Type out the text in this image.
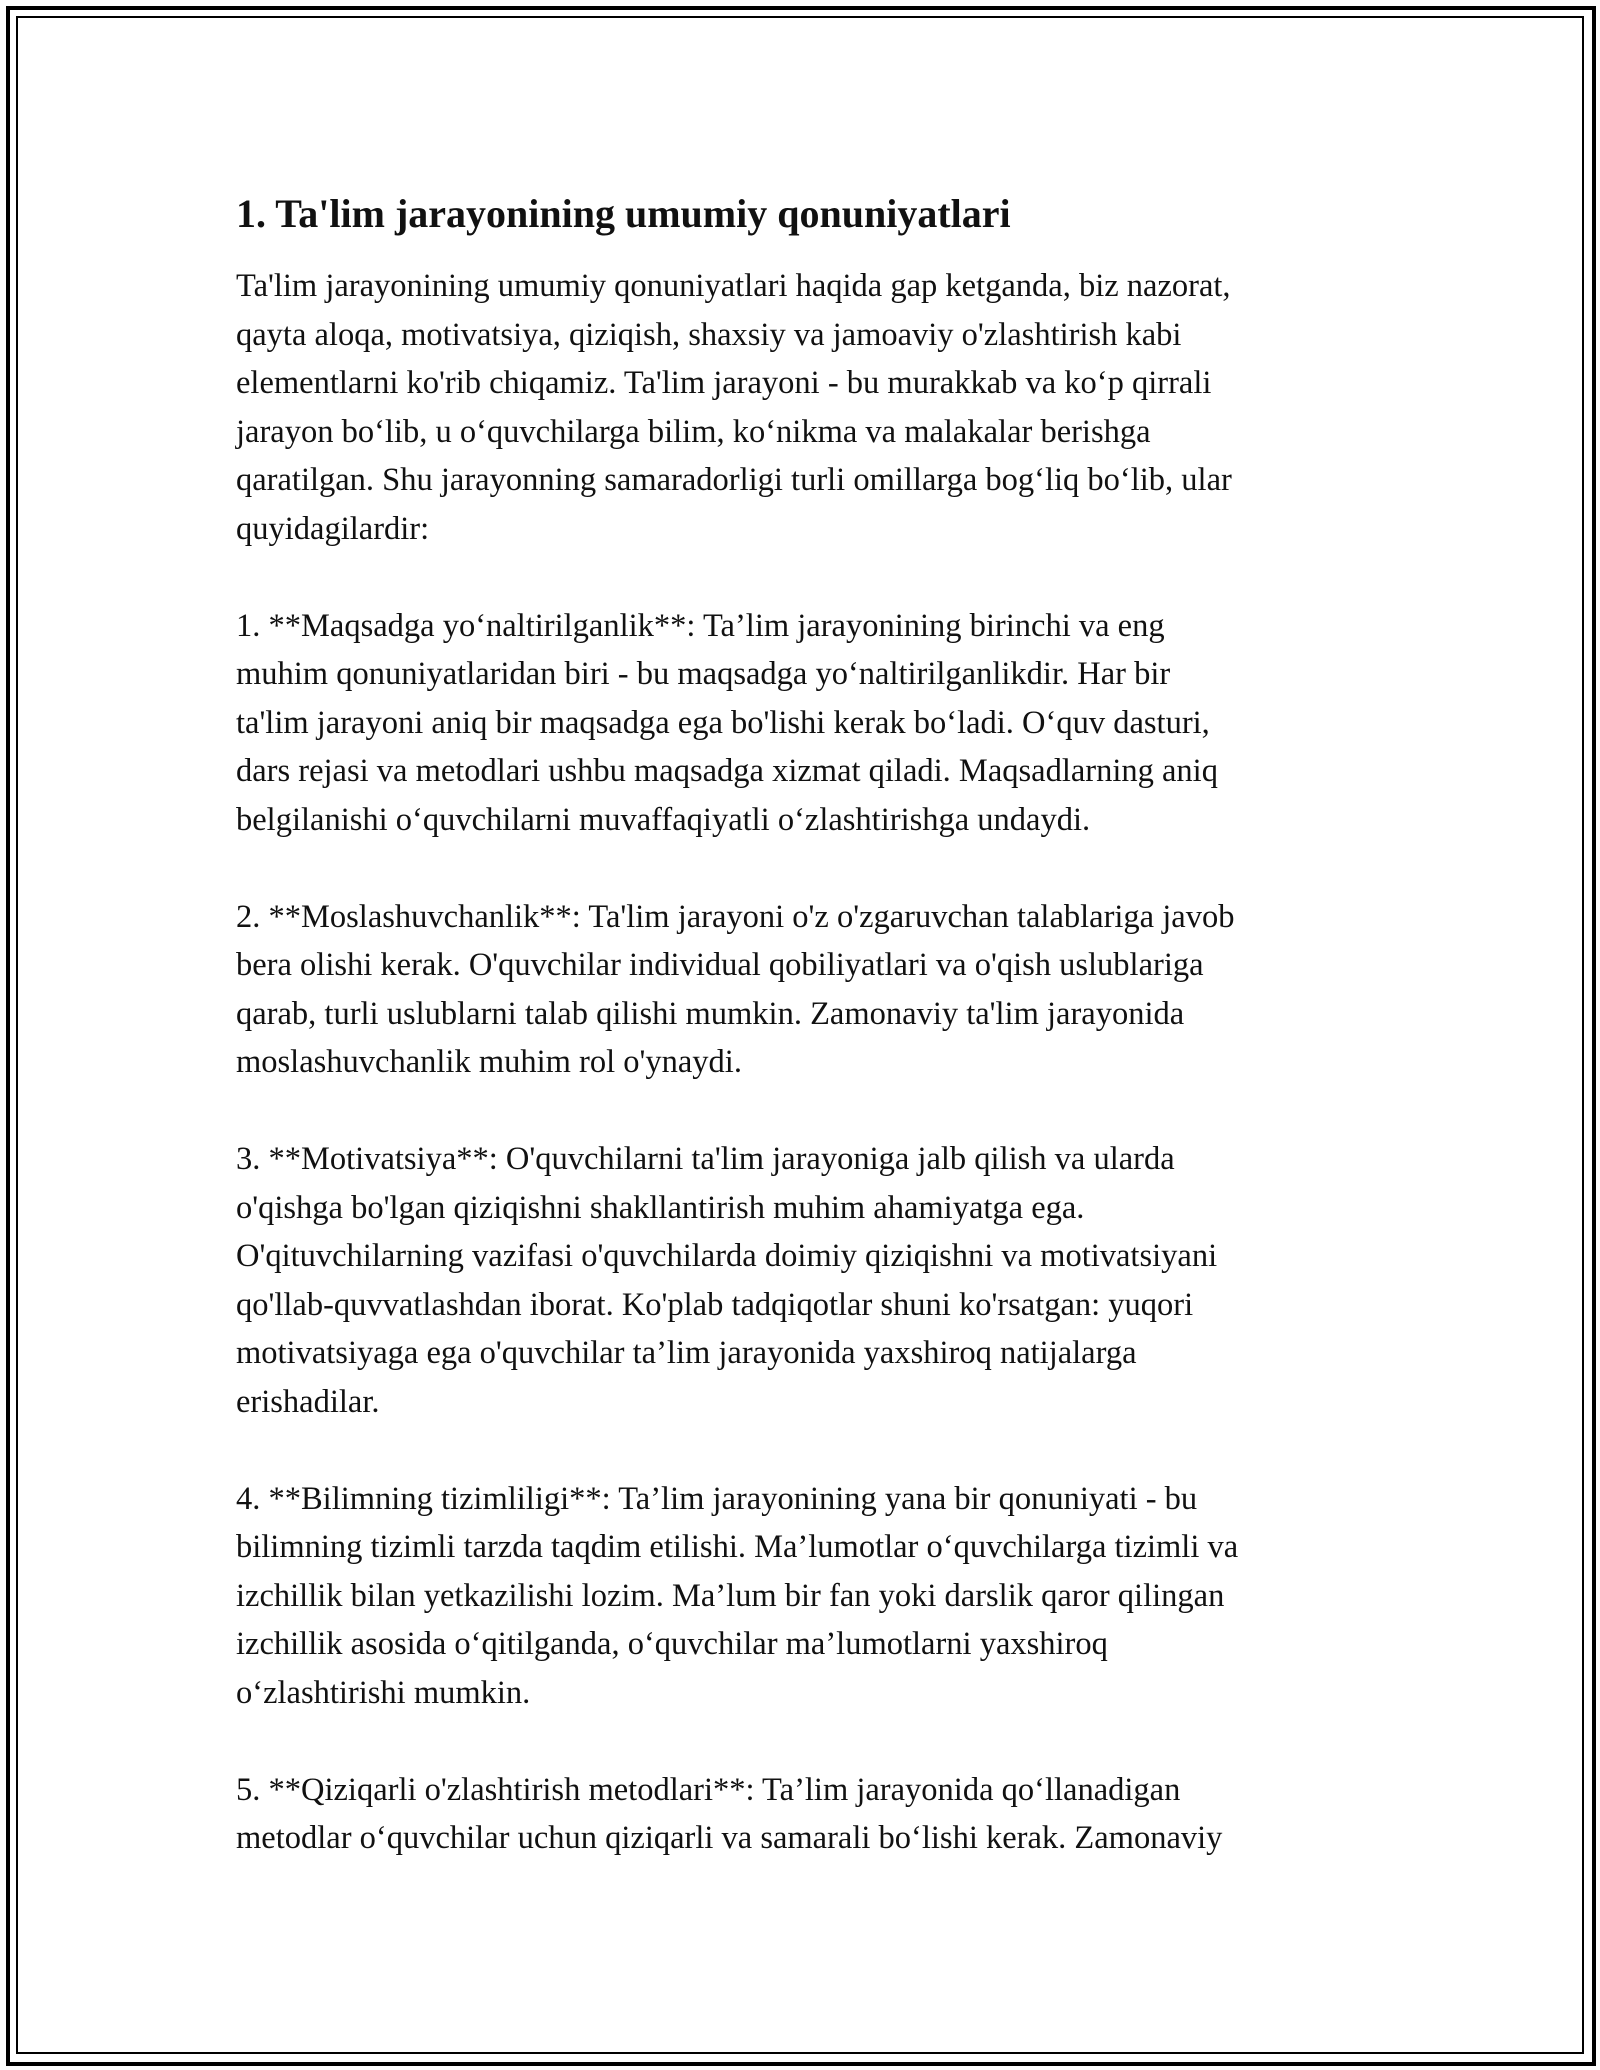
1. Ta'lim jarayonining umumiy qonuniyatlari

Ta'lim jarayonining umumiy qonuniyatlari haqida gap ketganda, biz nazorat,
qayta aloqa, motivatsiya, qiziqish, shaxsiy va jamoaviy o'zlashtirish kabi
elementlarni ko'rib chiqamiz. Ta'lim jarayoni - bu murakkab va ko‘p qirrali
jarayon bo‘lib, u o‘quvchilarga bilim, ko‘nikma va malakalar berishga
qaratilgan. Shu jarayonning samaradorligi turli omillarga bog‘liq bo‘lib, ular
quyidagilardir:

1. **Maqsadga yo‘naltirilganlik**: Ta’lim jarayonining birinchi va eng
muhim qonuniyatlaridan biri - bu maqsadga yo‘naltirilganlikdir. Har bir
ta'lim jarayoni aniq bir maqsadga ega bo'lishi kerak bo‘ladi. O‘quv dasturi,
dars rejasi va metodlari ushbu maqsadga xizmat qiladi. Maqsadlarning aniq
belgilanishi o‘quvchilarni muvaffaqiyatli o‘zlashtirishga undaydi.

2. **Moslashuvchanlik**: Ta'lim jarayoni o'z o'zgaruvchan talablariga javob
bera olishi kerak. O'quvchilar individual qobiliyatlari va o'qish uslublariga
qarab, turli uslublarni talab qilishi mumkin. Zamonaviy ta'lim jarayonida
moslashuvchanlik muhim rol o'ynaydi.

3. **Motivatsiya**: O'quvchilarni ta'lim jarayoniga jalb qilish va ularda
o'qishga bo'lgan qiziqishni shakllantirish muhim ahamiyatga ega.
O'qituvchilarning vazifasi o'quvchilarda doimiy qiziqishni va motivatsiyani
qo'llab-quvvatlashdan iborat. Ko'plab tadqiqotlar shuni ko'rsatgan: yuqori
motivatsiyaga ega o'quvchilar ta’lim jarayonida yaxshiroq natijalarga
erishadilar.

4. **Bilimning tizimliligi**: Ta’lim jarayonining yana bir qonuniyati - bu
bilimning tizimli tarzda taqdim etilishi. Ma’lumotlar o‘quvchilarga tizimli va
izchillik bilan yetkazilishi lozim. Ma’lum bir fan yoki darslik qaror qilingan
izchillik asosida o‘qitilganda, o‘quvchilar ma’lumotlarni yaxshiroq
o‘zlashtirishi mumkin.

5. **Qiziqarli o'zlashtirish metodlari**: Ta’lim jarayonida qo‘llanadigan
metodlar o‘quvchilar uchun qiziqarli va samarali bo‘lishi kerak. Zamonaviy
